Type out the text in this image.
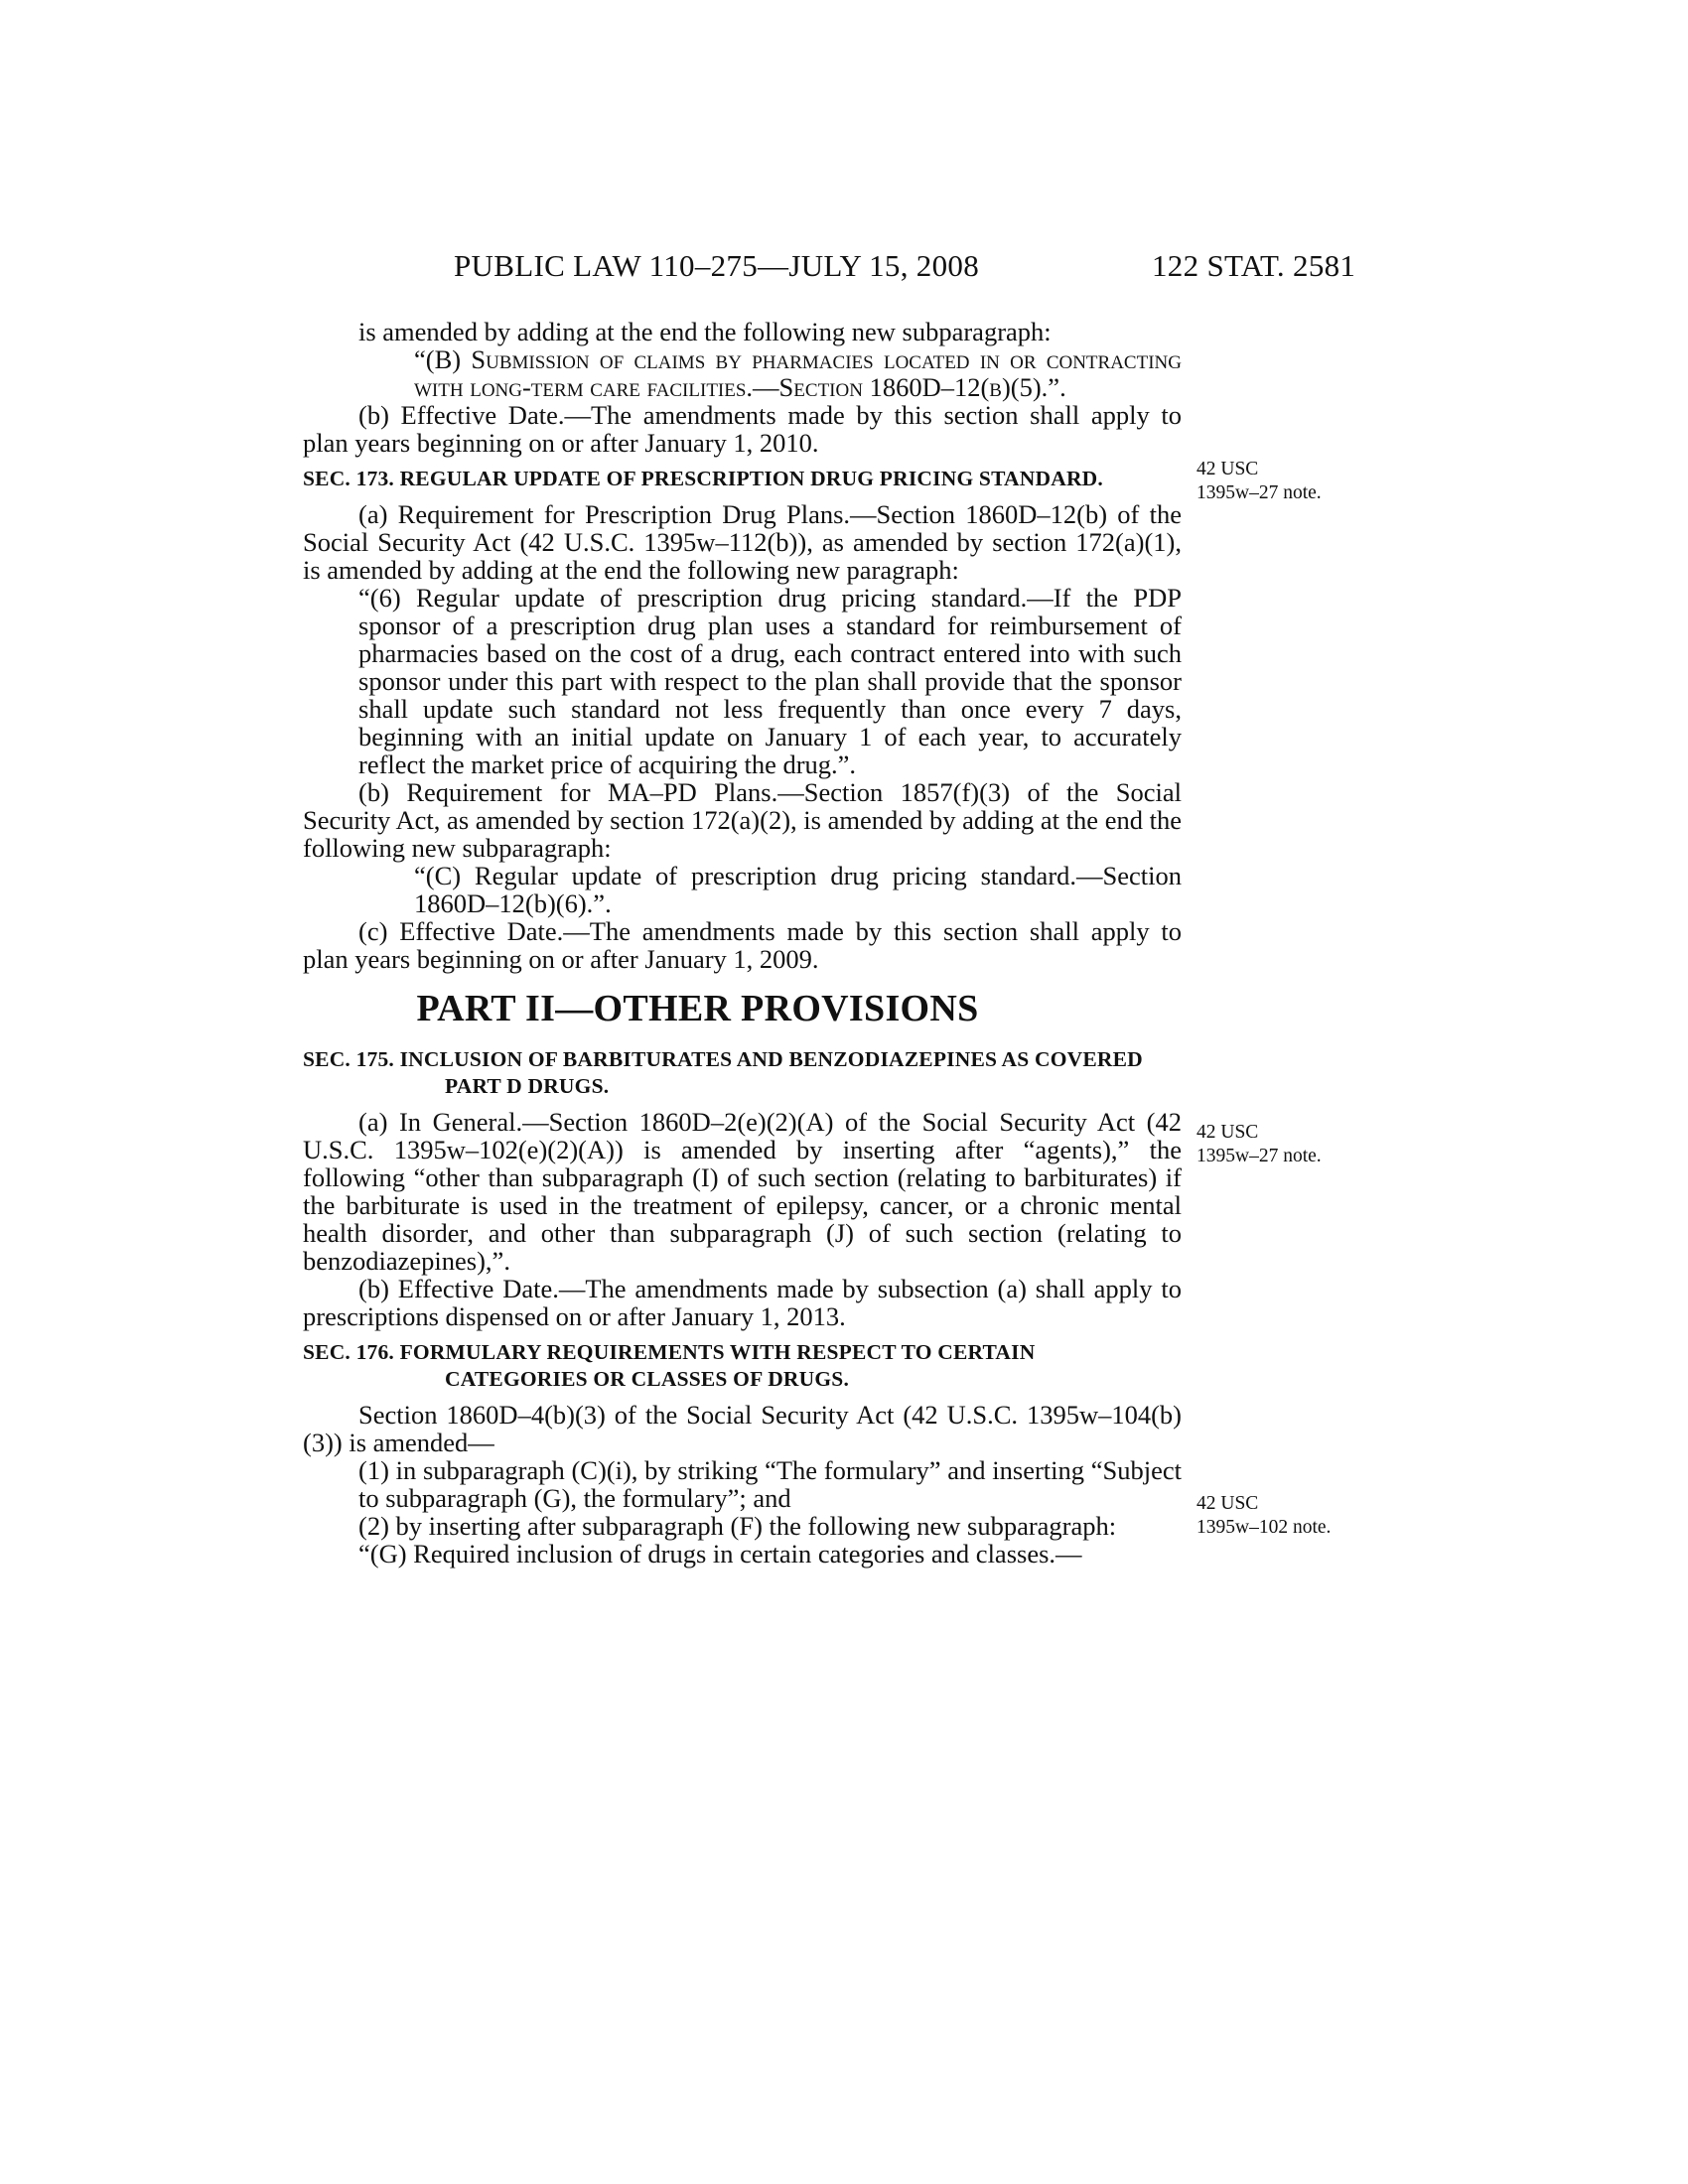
PUBLIC LAW 110–275—JULY 15, 2008	122 STAT. 2581

is amended by adding at the end the following new subparagraph:

“(B) Submission of claims by pharmacies located in or contracting with long-term care facilities.—Section 1860D–12(b)(5).”.

(b) Effective Date.—The amendments made by this section shall apply to plan years beginning on or after January 1, 2010.

SEC. 173. REGULAR UPDATE OF PRESCRIPTION DRUG PRICING STANDARD.

(a) Requirement for Prescription Drug Plans.—Section 1860D–12(b) of the Social Security Act (42 U.S.C. 1395w–112(b)), as amended by section 172(a)(1), is amended by adding at the end the following new paragraph:

“(6) Regular update of prescription drug pricing standard.—If the PDP sponsor of a prescription drug plan uses a standard for reimbursement of pharmacies based on the cost of a drug, each contract entered into with such sponsor under this part with respect to the plan shall provide that the sponsor shall update such standard not less frequently than once every 7 days, beginning with an initial update on January 1 of each year, to accurately reflect the market price of acquiring the drug.”.

(b) Requirement for MA–PD Plans.—Section 1857(f)(3) of the Social Security Act, as amended by section 172(a)(2), is amended by adding at the end the following new subparagraph:

“(C) Regular update of prescription drug pricing standard.—Section 1860D–12(b)(6).”.

(c) Effective Date.—The amendments made by this section shall apply to plan years beginning on or after January 1, 2009.

PART II—OTHER PROVISIONS
SEC. 175. INCLUSION OF BARBITURATES AND BENZODIAZEPINES AS COVERED PART D DRUGS.

(a) In General.—Section 1860D–2(e)(2)(A) of the Social Security Act (42 U.S.C. 1395w–102(e)(2)(A)) is amended by inserting after “agents),” the following “other than subparagraph (I) of such section (relating to barbiturates) if the barbiturate is used in the treatment of epilepsy, cancer, or a chronic mental health disorder, and other than subparagraph (J) of such section (relating to benzodiazepines),”.

(b) Effective Date.—The amendments made by subsection (a) shall apply to prescriptions dispensed on or after January 1, 2013.

SEC. 176. FORMULARY REQUIREMENTS WITH RESPECT TO CERTAIN CATEGORIES OR CLASSES OF DRUGS.

Section 1860D–4(b)(3) of the Social Security Act (42 U.S.C. 1395w–104(b)(3)) is amended—

(1) in subparagraph (C)(i), by striking “The formulary” and inserting “Subject to subparagraph (G), the formulary”; and

(2) by inserting after subparagraph (F) the following new subparagraph:

“(G) Required inclusion of drugs in certain categories and classes.—

42 USC
1395w–27 note.
42 USC
1395w–27 note.
42 USC
1395w–102 note.
